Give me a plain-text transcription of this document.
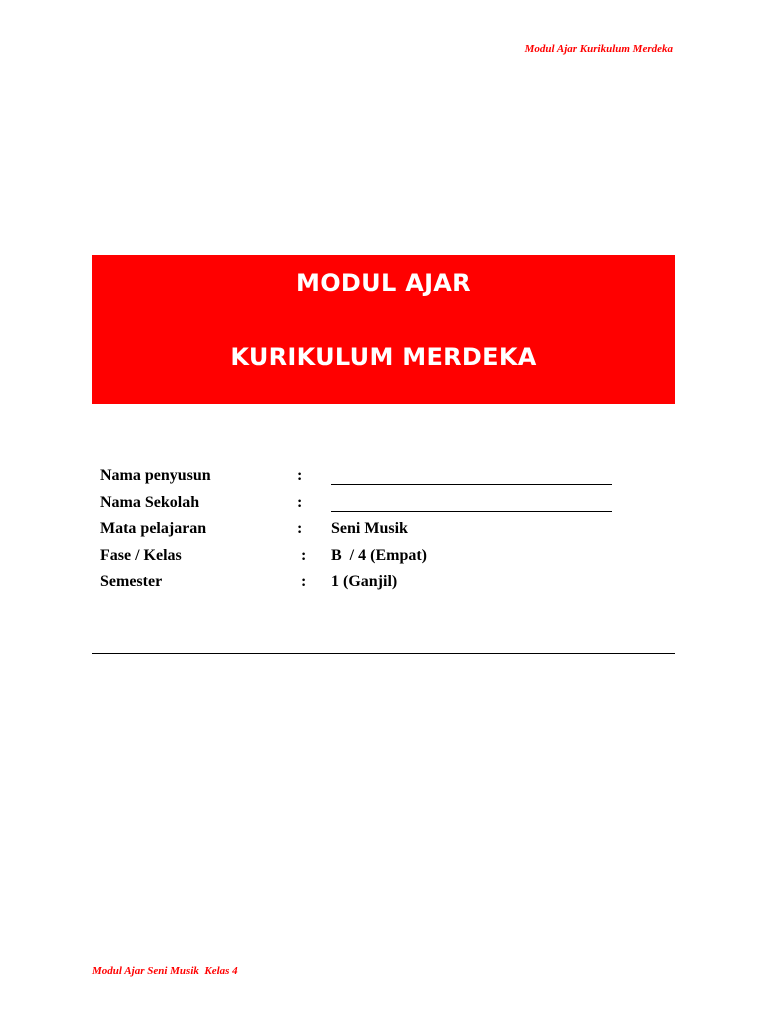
Modul Ajar Kurikulum Merdeka
MODUL AJAR
KURIKULUM MERDEKA
Nama penyusun	:
Nama Sekolah	:
Mata pelajaran	: Seni Musik
Fase / Kelas	: B  / 4 (Empat)
Semester	: 1 (Ganjil)
Modul Ajar Seni Musik  Kelas 4
